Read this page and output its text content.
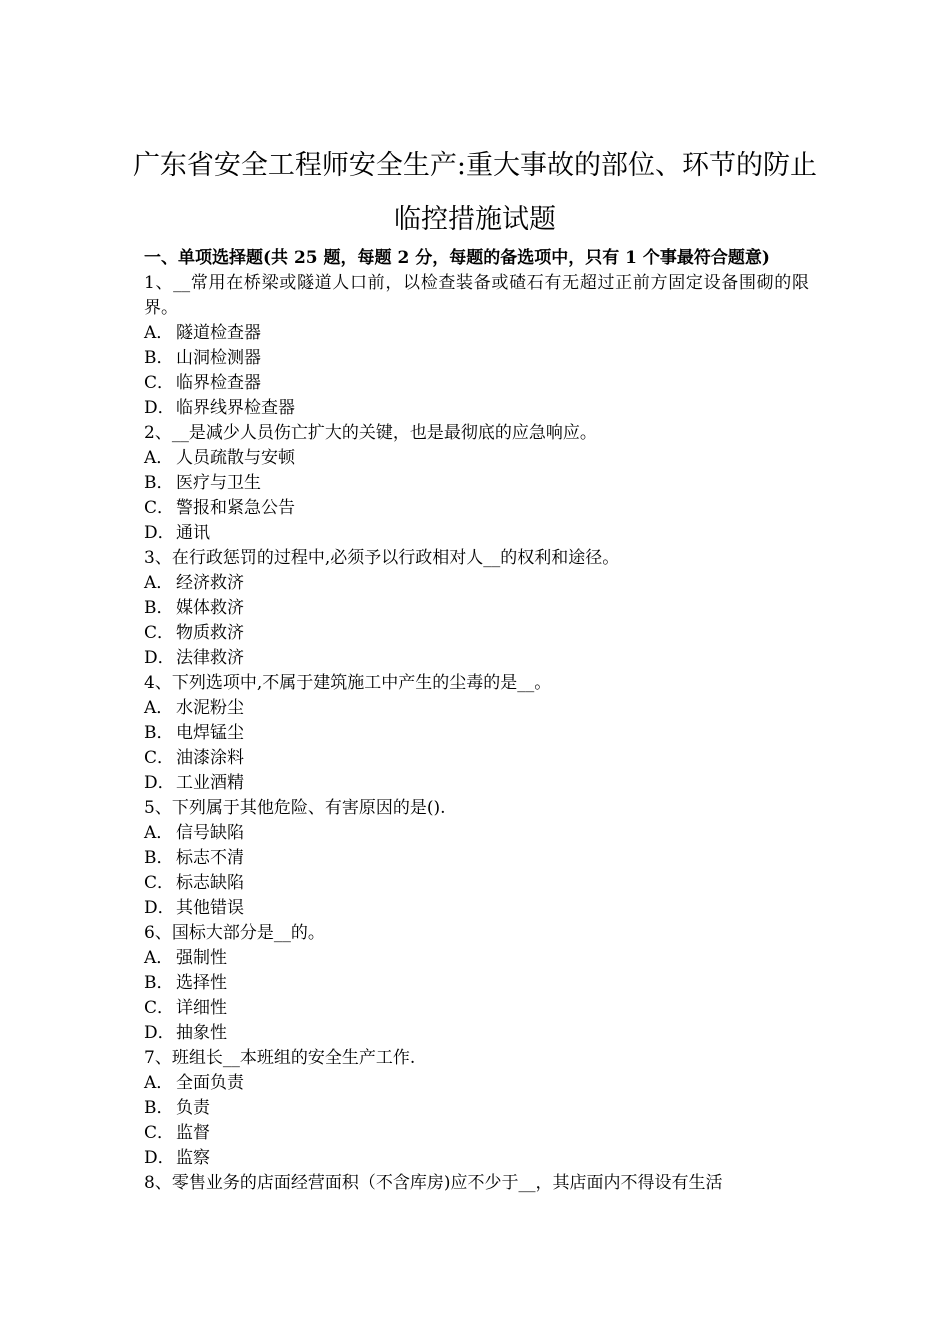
广东省安全工程师安全生产:重大事故的部位、环节的防止
临控措施试题

一、单项选择题(共 25 题，每题 2 分，每题的备选项中，只有 1 个事最符合题意)

1、__常用在桥梁或隧道人口前，以检查装备或碴石有无超过正前方固定设备围砌的限界。

A． 隧道检查器

B． 山洞检测器

C． 临界检查器

D．临界线界检查器

2、__是减少人员伤亡扩大的关键，也是最彻底的应急响应。

A． 人员疏散与安顿

B． 医疗与卫生

C． 警报和紧急公告

D．通讯

3、在行政惩罚的过程中,必须予以行政相对人__的权利和途径。

A． 经济救济

B． 媒体救济

C． 物质救济

D．法律救济

4、下列选项中,不属于建筑施工中产生的尘毒的是__。

A． 水泥粉尘

B． 电焊锰尘

C． 油漆涂料

D．工业酒精

5、下列属于其他危险、有害原因的是().

A． 信号缺陷

B． 标志不清

C． 标志缺陷

D．其他错误

6、国标大部分是__的。

A． 强制性

B． 选择性

C． 详细性

D．抽象性

7、班组长__本班组的安全生产工作.

A． 全面负责

B． 负责

C． 监督

D．监察

8、零售业务的店面经营面积（不含库房)应不少于__，其店面内不得设有生活
